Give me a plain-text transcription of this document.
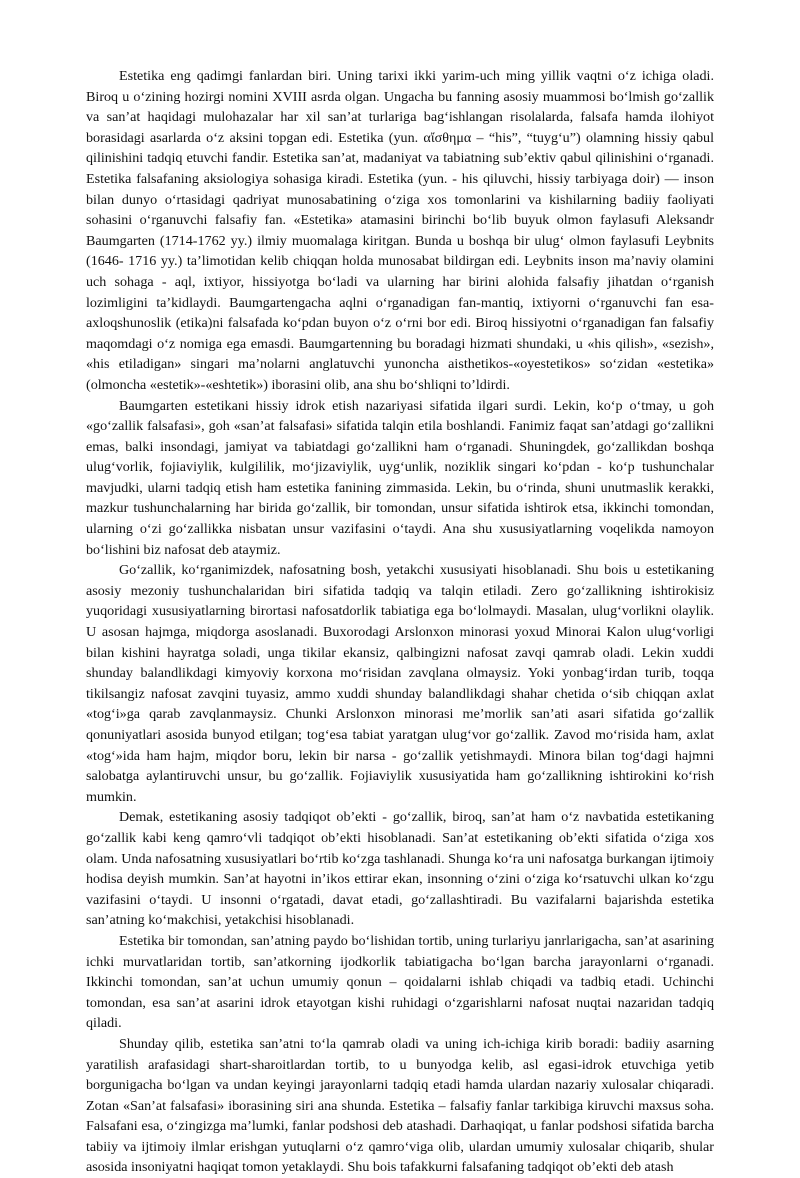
Estetika eng qadimgi fanlardan biri. Uning tarixi ikki yarim-uch ming yillik vaqtni o‘z ichiga oladi. Biroq u o‘zining hozirgi nomini XVIII asrda olgan. Ungacha bu fanning asosiy muammosi bo‘lmish go‘zallik va san’at haqidagi mulohazalar har xil san’at turlariga bag‘ishlangan risolalarda, falsafa hamda ilohiyot borasidagi asarlarda o‘z aksini topgan edi. Estetika (yun. αἴσθημα – “his”, “tuyg‘u”) olamning hissiy qabul qilinishini tadqiq etuvchi fandir. Estetika san’at, madaniyat va tabiatning sub’ektiv qabul qilinishini o‘rganadi. Estetika falsafaning aksiologiya sohasiga kiradi. Estetika (yun. - his qiluvchi, hissiy tarbiyaga doir) — inson bilan dunyo o‘rtasidagi qadriyat munosabatining o‘ziga xos tomonlarini va kishilarning badiiy faoliyati sohasini o‘rganuvchi falsafiy fan. «Estetika» atamasini birinchi bo‘lib buyuk olmon faylasufi Aleksandr Baumgarten (1714-1762 yy.) ilmiy muomalaga kiritgan. Bunda u boshqa bir ulug‘ olmon faylasufi Leybnits (1646- 1716 yy.) ta’limotidan kelib chiqqan holda munosabat bildirgan edi. Leybnits inson ma’naviy olamini uch sohaga - aql, ixtiyor, hissiyotga bo‘ladi va ularning har birini alohida falsafiy jihatdan o‘rganish lozimligini ta’kidlaydi. Baumgartengacha aqlni o‘rganadigan fan-mantiq, ixtiyorni o‘rganuvchi fan esa-axloqshunoslik (etika)ni falsafada ko‘pdan buyon o‘z o‘rni bor edi. Biroq hissiyotni o‘rganadigan fan falsafiy maqomdagi o‘z nomiga ega emasdi. Baumgartenning bu boradagi hizmati shundaki, u «his qilish», «sezish», «his etiladigan» singari ma’nolarni anglatuvchi yunoncha aisthetikos-«oyestetikos» so‘zidan «estetika» (olmoncha «estetik»-«eshtetik») iborasini olib, ana shu bo‘shliqni to’ldirdi.

Baumgarten estetikani hissiy idrok etish nazariyasi sifatida ilgari surdi. Lekin, ko‘p o‘tmay, u goh «go‘zallik falsafasi», goh «san’at falsafasi» sifatida talqin etila boshlandi. Fanimiz faqat san’atdagi go‘zallikni emas, balki insondagi, jamiyat va tabiatdagi go‘zallikni ham o‘rganadi. Shuningdek, go‘zallikdan boshqa ulug‘vorlik, fojiaviylik, kulgililik, mo‘jizaviylik, uyg‘unlik, noziklik singari ko‘pdan - ko‘p tushunchalar mavjudki, ularni tadqiq etish ham estetika fanining zimmasida. Lekin, bu o‘rinda, shuni unutmaslik kerakki, mazkur tushunchalarning har birida go‘zallik, bir tomondan, unsur sifatida ishtirok etsa, ikkinchi tomondan, ularning o‘zi go‘zallikka nisbatan unsur vazifasini o‘taydi. Ana shu xususiyatlarning voqelikda namoyon bo‘lishini biz nafosat deb ataymiz.

Go‘zallik, ko‘rganimizdek, nafosatning bosh, yetakchi xususiyati hisoblanadi. Shu bois u estetikaning asosiy mezoniy tushunchalaridan biri sifatida tadqiq va talqin etiladi. Zero go‘zallikning ishtirokisiz yuqoridagi xususiyatlarning birortasi nafosatdorlik tabiatiga ega bo‘lolmaydi. Masalan, ulug‘vorlikni olaylik. U asosan hajmga, miqdorga asoslanadi. Buxorodagi Arslonxon minorasi yoxud Minorai Kalon ulug‘vorligi bilan kishini hayratga soladi, unga tikilar ekansiz, qalbingizni nafosat zavqi qamrab oladi. Lekin xuddi shunday balandlikdagi kimyoviy korxona mo‘risidan zavqlana olmaysiz. Yoki yonbag‘irdan turib, toqqa tikilsangiz nafosat zavqini tuyasiz, ammo xuddi shunday balandlikdagi shahar chetida o‘sib chiqqan axlat «tog‘i»ga qarab zavqlanmaysiz. Chunki Arslonxon minorasi me’morlik san’ati asari sifatida go‘zallik qonuniyatlari asosida bunyod etilgan; tog‘esa tabiat yaratgan ulug‘vor go‘zallik. Zavod mo‘risida ham, axlat «tog‘»ida ham hajm, miqdor boru, lekin bir narsa - go‘zallik yetishmaydi. Minora bilan tog‘dagi hajmni salobatga aylantiruvchi unsur, bu go‘zallik. Fojiaviylik xususiyatida ham go‘zallikning ishtirokini ko‘rish mumkin.

Demak, estetikaning asosiy tadqiqot ob’ekti - go‘zallik, biroq, san’at ham o‘z navbatida estetikaning go‘zallik kabi keng qamro‘vli tadqiqot ob’ekti hisoblanadi. San’at estetikaning ob’ekti sifatida o‘ziga xos olam. Unda nafosatning xususiyatlari bo‘rtib ko‘zga tashlanadi. Shunga ko‘ra uni nafosatga burkangan ijtimoiy hodisa deyish mumkin. San’at hayotni in’ikos ettirar ekan, insonning o‘zini o‘ziga ko‘rsatuvchi ulkan ko‘zgu vazifasini o‘taydi. U insonni o‘rgatadi, davat etadi, go‘zallashtiradi. Bu vazifalarni bajarishda estetika san’atning ko‘makchisi, yetakchisi hisoblanadi.

Estetika bir tomondan, san’atning paydo bo‘lishidan tortib, uning turlariyu janrlarigacha, san’at asarining ichki murvatlaridan tortib, san’atkorning ijodkorlik tabiatigacha bo‘lgan barcha jarayonlarni o‘rganadi. Ikkinchi tomondan, san’at uchun umumiy qonun – qoidalarni ishlab chiqadi va tadbiq etadi. Uchinchi tomondan, esa san’at asarini idrok etayotgan kishi ruhidagi o‘zgarishlarni nafosat nuqtai nazaridan tadqiq qiladi.

Shunday qilib, estetika san’atni to‘la qamrab oladi va uning ich-ichiga kirib boradi: badiiy asarning yaratilish arafasidagi shart-sharoitlardan tortib, to u bunyodga kelib, asl egasi-idrok etuvchiga yetib borgunigacha bo‘lgan va undan keyingi jarayonlarni tadqiq etadi hamda ulardan nazariy xulosalar chiqaradi. Zotan «San’at falsafasi» iborasining siri ana shunda. Estetika – falsafiy fanlar tarkibiga kiruvchi maxsus soha. Falsafani esa, o‘zingizga ma’lumki, fanlar podshosi deb atashadi. Darhaqiqat, u fanlar podshosi sifatida barcha tabiiy va ijtimoiy ilmlar erishgan yutuqlarni o‘z qamro‘viga olib, ulardan umumiy xulosalar chiqarib, shular asosida insoniyatni haqiqat tomon yetaklaydi. Shu bois tafakkurni falsafaning tadqiqot ob’ekti deb atash
